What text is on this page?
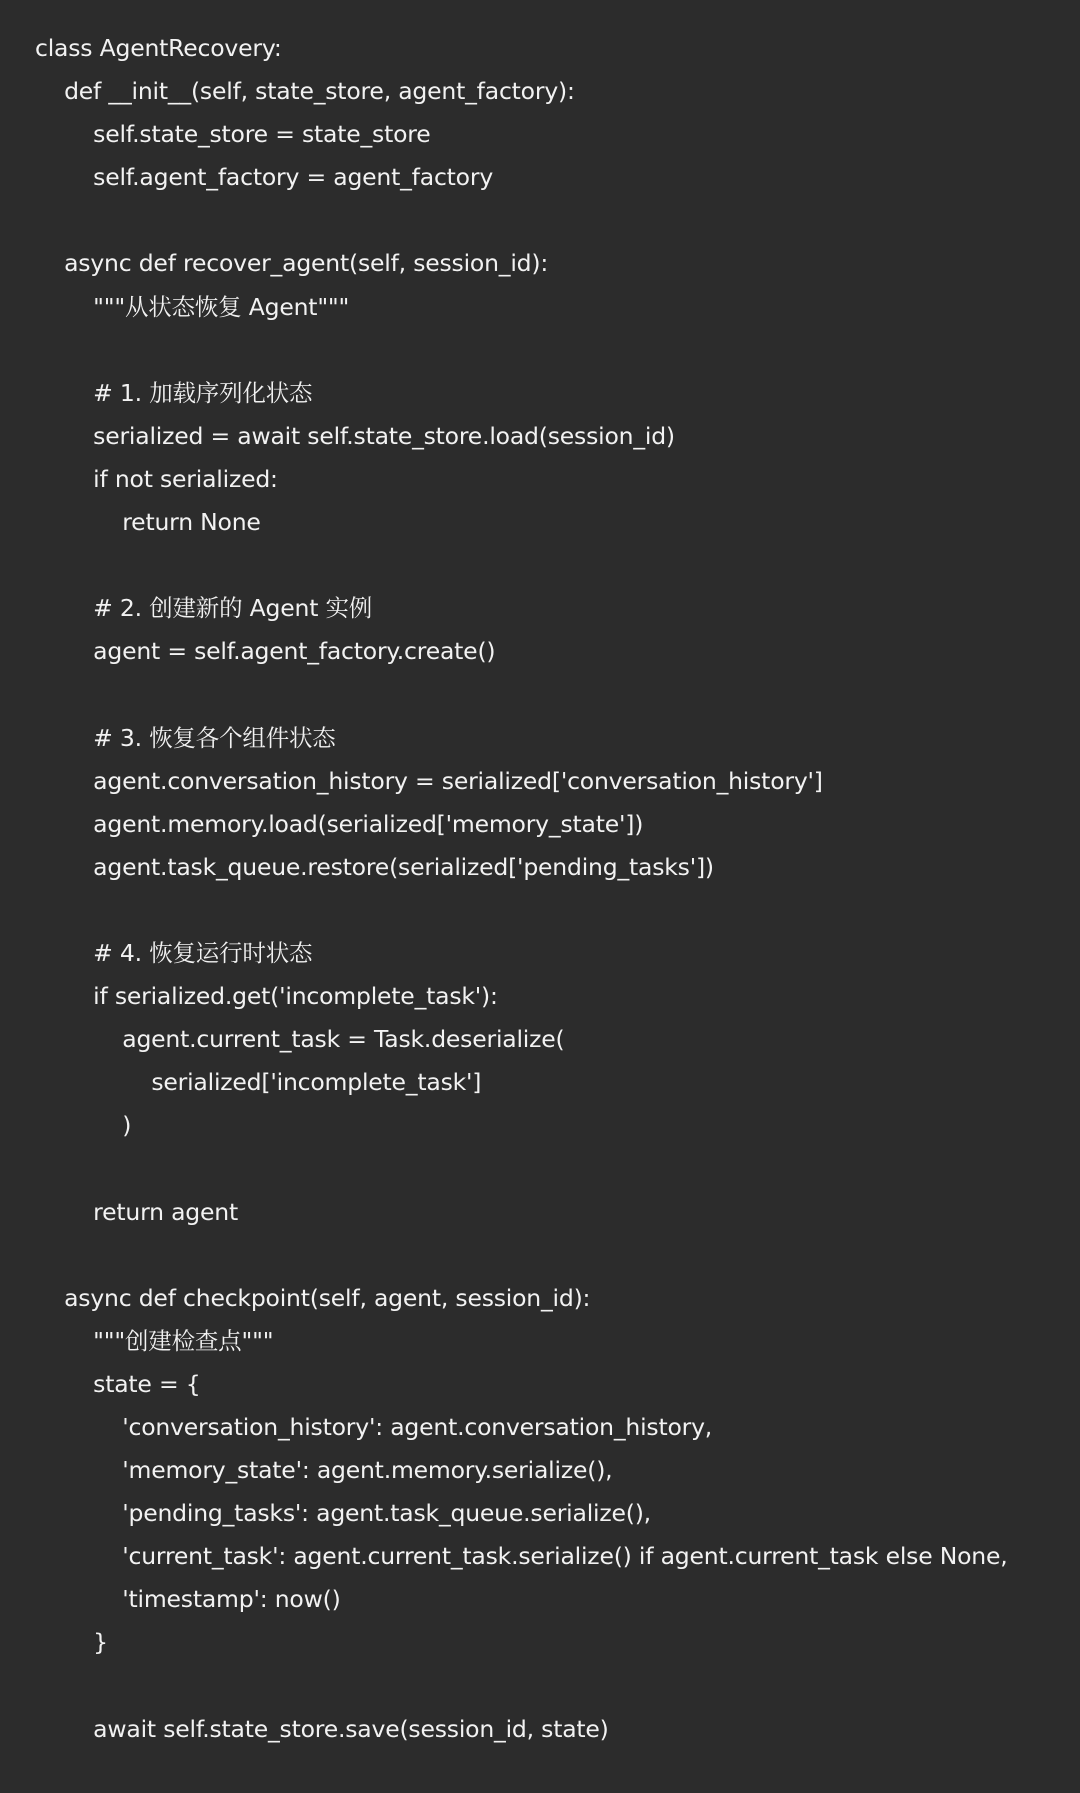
class AgentRecovery:
def __init__(self, state_store, agent_factory):
self.state_store = state_store
self.agent_factory = agent_factory
async def recover_agent(self, session_id):
"""从状态恢复 Agent"""
# 1. 加载序列化状态
serialized = await self.state_store.load(session_id)
if not serialized:
return None
# 2. 创建新的 Agent 实例
agent = self.agent_factory.create()
# 3. 恢复各个组件状态
agent.conversation_history = serialized['conversation_history']
agent.memory.load(serialized['memory_state'])
agent.task_queue.restore(serialized['pending_tasks'])
# 4. 恢复运行时状态
if serialized.get('incomplete_task'):
agent.current_task = Task.deserialize(
serialized['incomplete_task']
)
return agent
async def checkpoint(self, agent, session_id):
"""创建检查点"""
state = {
'conversation_history': agent.conversation_history,
'memory_state': agent.memory.serialize(),
'pending_tasks': agent.task_queue.serialize(),
'current_task': agent.current_task.serialize() if agent.current_task else None,
'timestamp': now()
}
await self.state_store.save(session_id, state)
